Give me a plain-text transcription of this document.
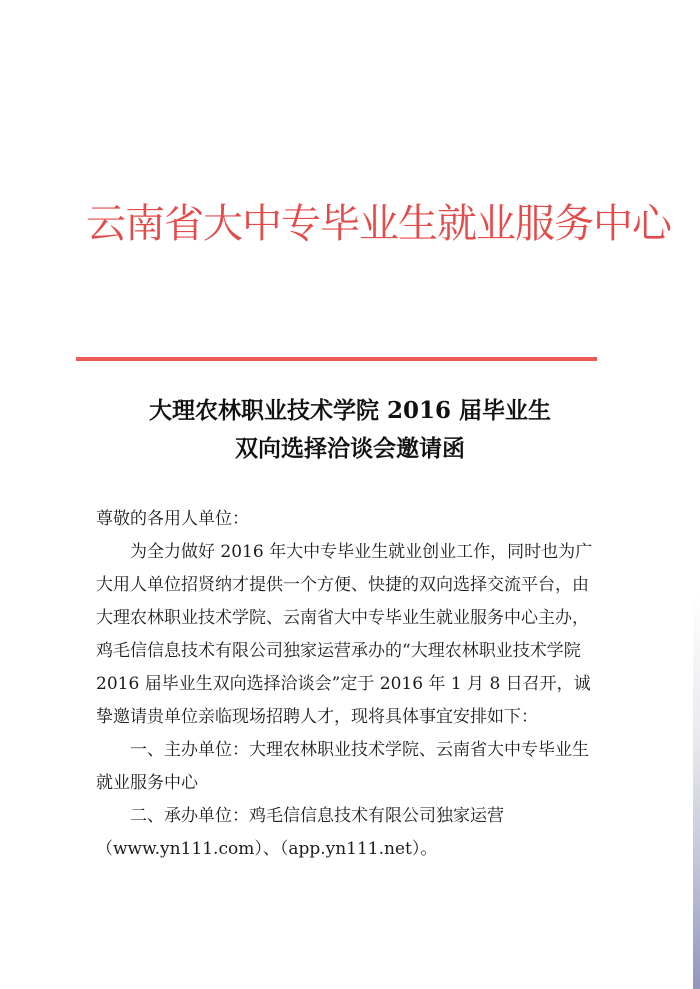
云南省大中专毕业生就业服务中心
大理农林职业技术学院 2016 届毕业生
双向选择洽谈会邀请函

尊敬的各用人单位：

为全力做好 2016 年大中专毕业生就业创业工作，同时也为广大用人单位招贤纳才提供一个方便、快捷的双向选择交流平台，由大理农林职业技术学院、云南省大中专毕业生就业服务中心主办，鸡毛信信息技术有限公司独家运营承办的“大理农林职业技术学院 2016 届毕业生双向选择洽谈会”定于 2016 年 1 月 8 日召开，诚挚邀请贵单位亲临现场招聘人才，现将具体事宜安排如下：

一、主办单位：大理农林职业技术学院、云南省大中专毕业生就业服务中心

二、承办单位：鸡毛信信息技术有限公司独家运营（www.yn111.com）、（app.yn111.net）。
